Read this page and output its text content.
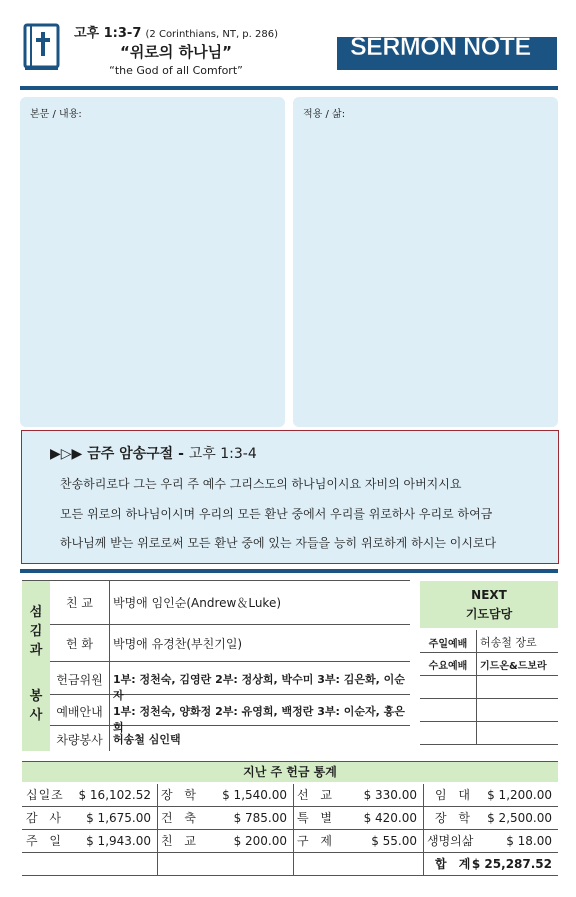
고후 1:3-7 (2 Corinthians, NT, p. 286)
“위로의 하나님”
“the God of all Comfort”
SERMON NOTE
본문 / 내용:	적용 / 삶:
▶▷▶ 금주 암송구절 - 고후 1:3-4
찬송하리로다 그는 우리 주 예수 그리스도의 하나님이시요 자비의 아버지시요
모든 위로의 하나님이시며 우리의 모든 환난 중에서 우리를 위로하사 우리로 하여금
하나님께 받는 위로로써 모든 환난 중에 있는 자들을 능히 위로하게 하시는 이시로다
섬
김
과
봉
사
친 교	박명애 임인순(Andrew＆Luke)
헌 화	박명애 유경찬(부친기일)
헌금위원 1부: 정천숙, 김영란 2부: 정상희, 박수미 3부: 김은화, 이순자
예배안내 1부: 정천숙, 양화정 2부: 유영희, 백정란 3부: 이순자, 홍은희
차량봉사 허송철 심인택
NEXT
기도담당
주일예배	허송철 장로
수요예배	기드온&드보라
지난 주 헌금 통계
십일조 $ 16,102.52 장 학 $ 1,540.00 선 교 $ 330.00 임 대 $ 1,200.00
감 사 $ 1,675.00 건 축	$ 785.00 특 별 $ 420.00 장 학 $ 2,500.00
주 일 $ 1,943.00 친 교	$ 200.00 구 제	$ 55.00 생명의삶	$ 18.00
합 계
$ 25,287.52
